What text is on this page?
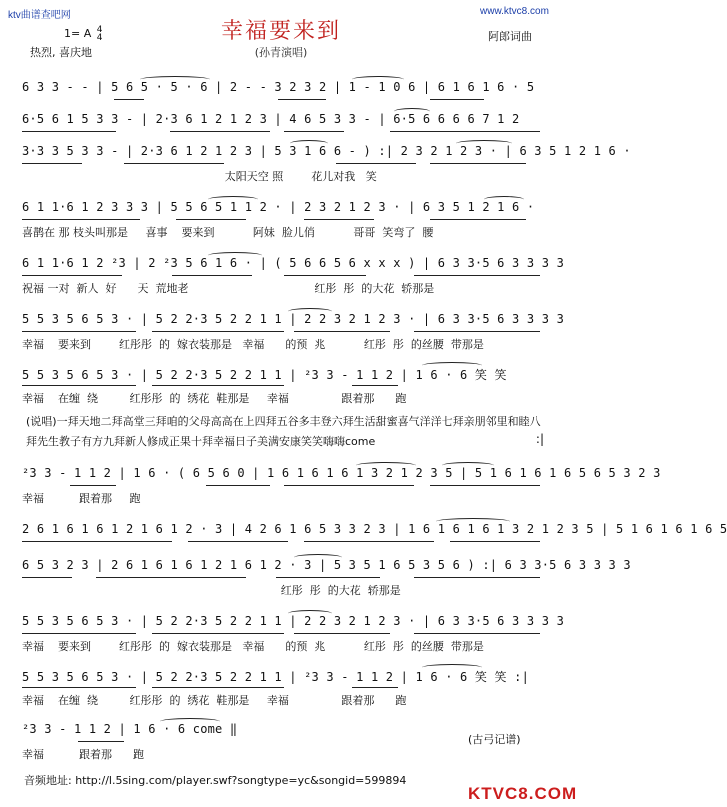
ktv曲谱查吧网	www.ktvc8.com
1= A 4
4
热烈, 喜庆地
幸福要来到
(孙青演唱)
阿郎词曲
6 3 3 - - | 5 6 5 · 5 · 6 | 2 - - 3 2 3 2 | 1 - 1 0 6 | 6 1 6 1 6 · 5
6·5 6 1 5 3 3 - | 2·3 6 1 2 1 2 3 | 4 6 5 3 3 - | 6·5 6 6 6 6 7 1 2
3·3 3 5 3 3 - | 2·3 6 1 2 1 2 3 | 5 3 1 6 6 - ) :| 2 3 2 1 2 3 · | 6 3 5 1 2 1 6 ·
太阳天空 照        花儿对我   笑
6 1 1·6 1 2 3 3 3 | 5 5 6 5 1 1 2 · | 2 3 2 1 2 3 · | 6 3 5 1 2 1 6 ·
喜鹊在 那 枝头叫那是     喜事    要来到           阿妹  脸儿俏           哥哥  笑弯了  腰
6 1 1·6 1 2 ²3 | 2 ²3 5 6 1 6 · | ( 5 6 6 5 6 x x x ) | 6 3 3·5 6 3 3 3 3
祝福 一对  新人  好      天  荒地老                                    红彤  彤  的大花  轿那是
5 5 3 5 6 5 3 · | 5 2 2·3 5 2 2 1 1 | 2 2 3 2 1 2 3 · | 6 3 3·5 6 3 3 3 3
幸福    要来到        红彤彤  的  嫁衣装那是   幸福      的预  兆           红彤  彤  的丝腰  带那是
5 5 3 5 6 5 3 · | 5 2 2·3 5 2 2 1 1 | ²3 3 - 1 1 2 | 1 6 · 6 笑 笑
幸福    在缠  绕         红彤彤  的  绣花  鞋那是     幸福               跟着那      跑
(说唱)一拜天地二拜高堂三拜咱的父母高高在上四拜五谷多丰登六拜生活甜蜜喜气洋洋七拜亲朋邻里和睦八拜先生教子有方九拜新人修成正果十拜幸福日子美满安康笑笑嗨嗨come	:|
²3 3 - 1 1 2 | 1 6 · ( 6 5 6 0 | 1 6 1 6 1 6 1 3 2 1 2 3 5 | 5 1 6 1 6 1 6 5 6 5 3 2 3
幸福          跟着那     跑
2 6 1 6 1 6 1 2 1 6 1 2 · 3 | 4 2 6 1 6 5 3 3 2 3 | 1 6 1 6 1 6 1 3 2 1 2 3 5 | 5 1 6 1 6 1 6 5
6 5 3 2 3 | 2 6 1 6 1 6 1 2 1 6 1 2 · 3 | 5 3 5 1 6 5 3 5 6 ) :| 6 3 3·5 6 3 3 3 3
红彤  彤  的大花  轿那是
5 5 3 5 6 5 3 · | 5 2 2·3 5 2 2 1 1 | 2 2 3 2 1 2 3 · | 6 3 3·5 6 3 3 3 3
幸福    要来到        红彤彤  的  嫁衣装那是   幸福      的预  兆           红彤  彤  的丝腰  带那是
5 5 3 5 6 5 3 · | 5 2 2·3 5 2 2 1 1 | ²3 3 - 1 1 2 | 1 6 · 6 笑 笑 :|
幸福    在缠  绕         红彤彤  的  绣花  鞋那是     幸福               跟着那      跑
²3 3 - 1 1 2 | 1 6 · 6 come ‖
幸福          跟着那      跑
(古弓记谱)
音频地址: http://l.5sing.com/player.swf?songtype=yc&songid=599894
KTVC8.COM
